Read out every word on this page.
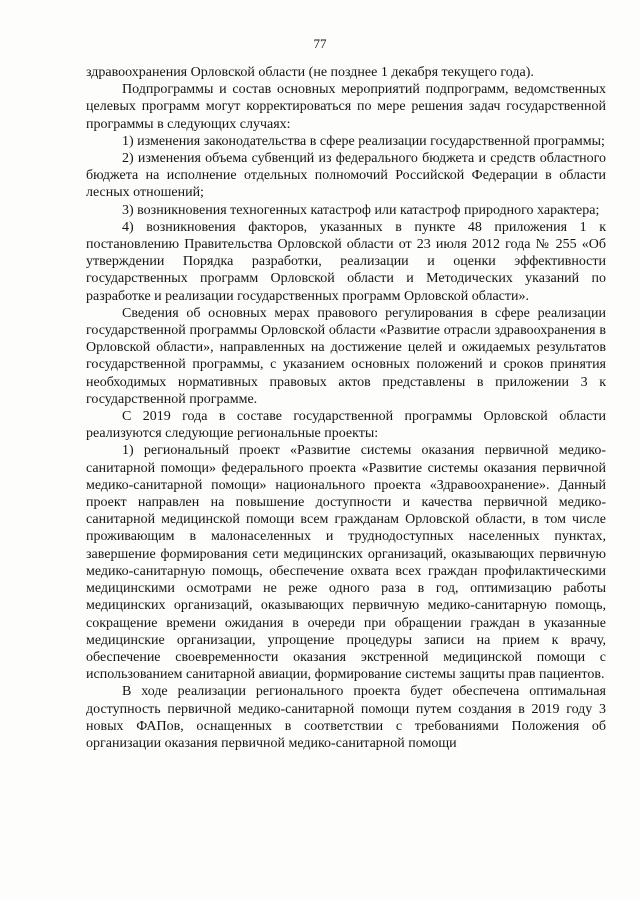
77

здравоохранения Орловской области (не позднее 1 декабря текущего года).

Подпрограммы и состав основных мероприятий подпрограмм, ведомственных целевых программ могут корректироваться по мере решения задач государственной программы в следующих случаях:

1) изменения законодательства в сфере реализации государственной программы;

2) изменения объема субвенций из федерального бюджета и средств областного бюджета на исполнение отдельных полномочий Российской Федерации в области лесных отношений;

3) возникновения техногенных катастроф или катастроф природного характера;

4) возникновения факторов, указанных в пункте 48 приложения 1 к постановлению Правительства Орловской области от 23 июля 2012 года № 255 «Об утверждении Порядка разработки, реализации и оценки эффективности государственных программ Орловской области и Методических указаний по разработке и реализации государственных программ Орловской области».

Сведения об основных мерах правового регулирования в сфере реализации государственной программы Орловской области «Развитие отрасли здравоохранения в Орловской области», направленных на достижение целей и ожидаемых результатов государственной программы, с указанием основных положений и сроков принятия необходимых нормативных правовых актов представлены в приложении 3 к государственной программе.

С 2019 года в составе государственной программы Орловской области реализуются следующие региональные проекты:

1) региональный проект «Развитие системы оказания первичной медико-санитарной помощи» федерального проекта «Развитие системы оказания первичной медико-санитарной помощи» национального проекта «Здравоохранение». Данный проект направлен на повышение доступности и качества первичной медико-санитарной медицинской помощи всем гражданам Орловской области, в том числе проживающим в малонаселенных и труднодоступных населенных пунктах, завершение формирования сети медицинских организаций, оказывающих первичную медико-санитарную помощь, обеспечение охвата всех граждан профилактическими медицинскими осмотрами не реже одного раза в год, оптимизацию работы медицинских организаций, оказывающих первичную медико-санитарную помощь, сокращение времени ожидания в очереди при обращении граждан в указанные медицинские организации, упрощение процедуры записи на прием к врачу, обеспечение своевременности оказания экстренной медицинской помощи с использованием санитарной авиации, формирование системы защиты прав пациентов.

В ходе реализации регионального проекта будет обеспечена оптимальная доступность первичной медико-санитарной помощи путем создания в 2019 году 3 новых ФАПов, оснащенных в соответствии с требованиями Положения об организации оказания первичной медико-санитарной помощи
